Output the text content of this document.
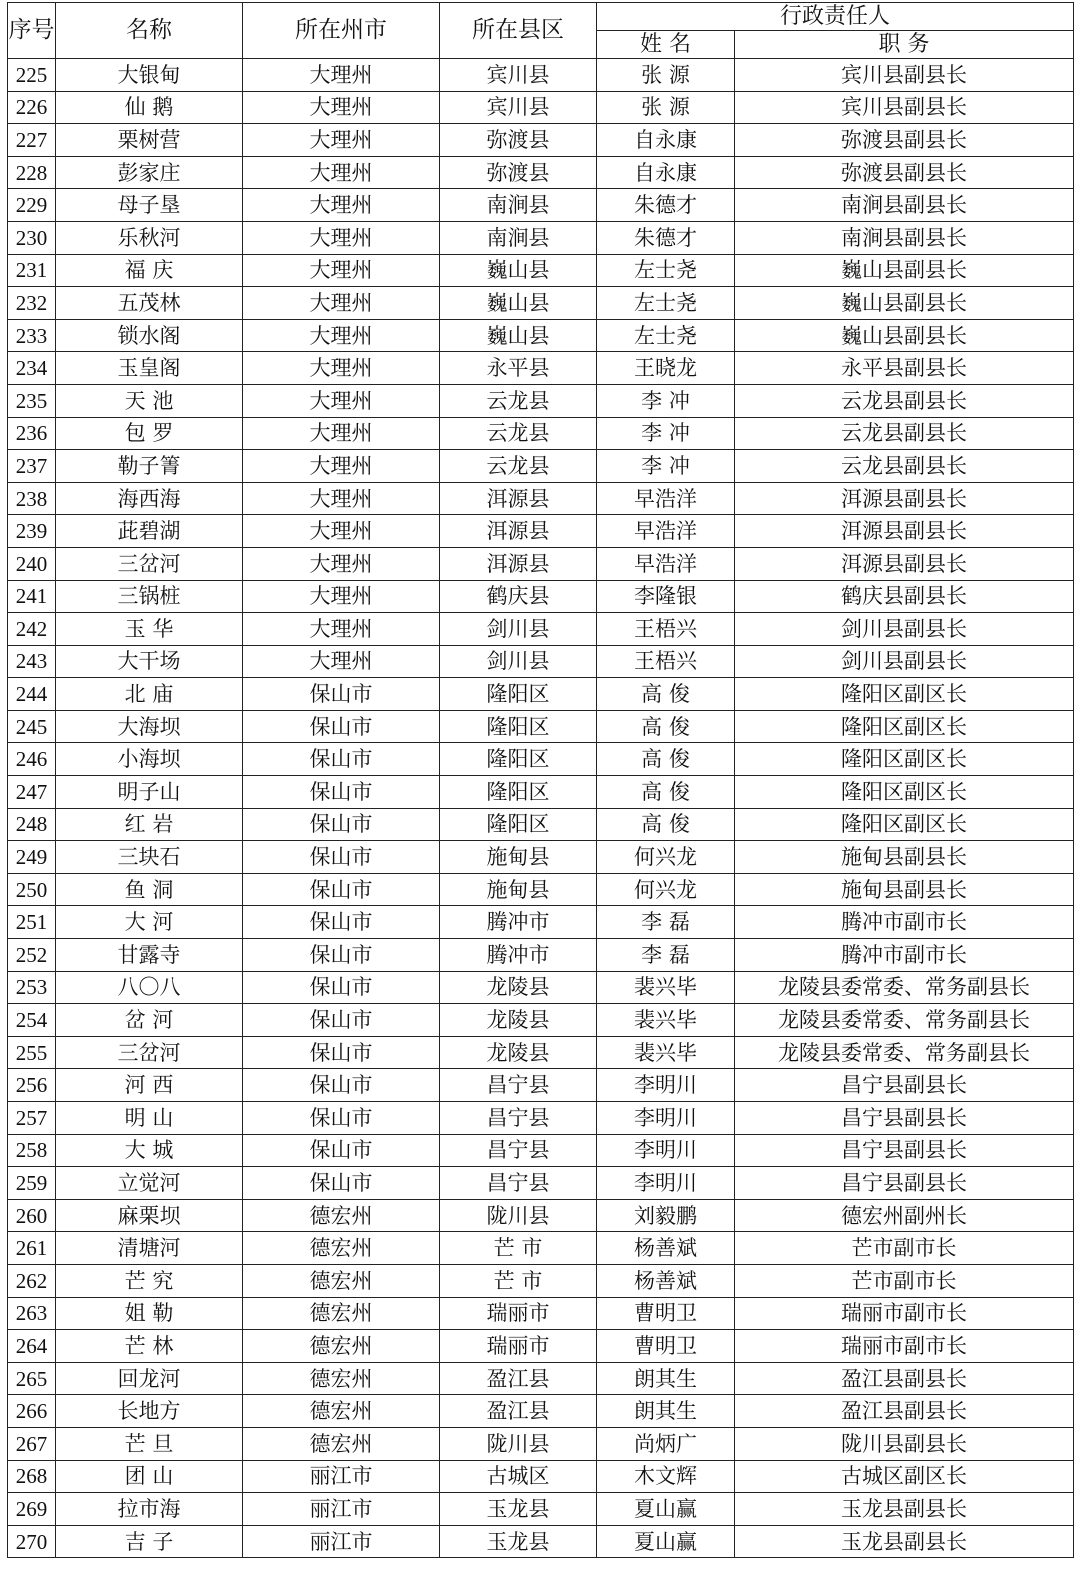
序号	名称	所在州市	所在县区	行政责任人	
				姓 名	职 务
225	大银甸	大理州	宾川县	张 源	宾川县副县长
226	仙 鹅	大理州	宾川县	张 源	宾川县副县长
227	栗树营	大理州	弥渡县	自永康	弥渡县副县长
228	彭家庄	大理州	弥渡县	自永康	弥渡县副县长
229	母子垦	大理州	南涧县	朱德才	南涧县副县长
230	乐秋河	大理州	南涧县	朱德才	南涧县副县长
231	福 庆	大理州	巍山县	左士尧	巍山县副县长
232	五茂林	大理州	巍山县	左士尧	巍山县副县长
233	锁水阁	大理州	巍山县	左士尧	巍山县副县长
234	玉皇阁	大理州	永平县	王晓龙	永平县副县长
235	天 池	大理州	云龙县	李 冲	云龙县副县长
236	包 罗	大理州	云龙县	李 冲	云龙县副县长
237	勒子箐	大理州	云龙县	李 冲	云龙县副县长
238	海西海	大理州	洱源县	早浩洋	洱源县副县长
239	茈碧湖	大理州	洱源县	早浩洋	洱源县副县长
240	三岔河	大理州	洱源县	早浩洋	洱源县副县长
241	三锅桩	大理州	鹤庆县	李隆银	鹤庆县副县长
242	玉 华	大理州	剑川县	王梧兴	剑川县副县长
243	大干场	大理州	剑川县	王梧兴	剑川县副县长
244	北 庙	保山市	隆阳区	高 俊	隆阳区副区长
245	大海坝	保山市	隆阳区	高 俊	隆阳区副区长
246	小海坝	保山市	隆阳区	高 俊	隆阳区副区长
247	明子山	保山市	隆阳区	高 俊	隆阳区副区长
248	红 岩	保山市	隆阳区	高 俊	隆阳区副区长
249	三块石	保山市	施甸县	何兴龙	施甸县副县长
250	鱼 洞	保山市	施甸县	何兴龙	施甸县副县长
251	大 河	保山市	腾冲市	李 磊	腾冲市副市长
252	甘露寺	保山市	腾冲市	李 磊	腾冲市副市长
253	八〇八	保山市	龙陵县	裴兴毕	龙陵县委常委、常务副县长
254	岔 河	保山市	龙陵县	裴兴毕	龙陵县委常委、常务副县长
255	三岔河	保山市	龙陵县	裴兴毕	龙陵县委常委、常务副县长
256	河 西	保山市	昌宁县	李明川	昌宁县副县长
257	明 山	保山市	昌宁县	李明川	昌宁县副县长
258	大 城	保山市	昌宁县	李明川	昌宁县副县长
259	立觉河	保山市	昌宁县	李明川	昌宁县副县长
260	麻栗坝	德宏州	陇川县	刘毅鹏	德宏州副州长
261	清塘河	德宏州	芒 市	杨善斌	芒市副市长
262	芒 究	德宏州	芒 市	杨善斌	芒市副市长
263	姐 勒	德宏州	瑞丽市	曹明卫	瑞丽市副市长
264	芒 林	德宏州	瑞丽市	曹明卫	瑞丽市副市长
265	回龙河	德宏州	盈江县	朗其生	盈江县副县长
266	长地方	德宏州	盈江县	朗其生	盈江县副县长
267	芒 旦	德宏州	陇川县	尚炳广	陇川县副县长
268	团 山	丽江市	古城区	木文辉	古城区副区长
269	拉市海	丽江市	玉龙县	夏山赢	玉龙县副县长
270	吉 子	丽江市	玉龙县	夏山赢	玉龙县副县长
